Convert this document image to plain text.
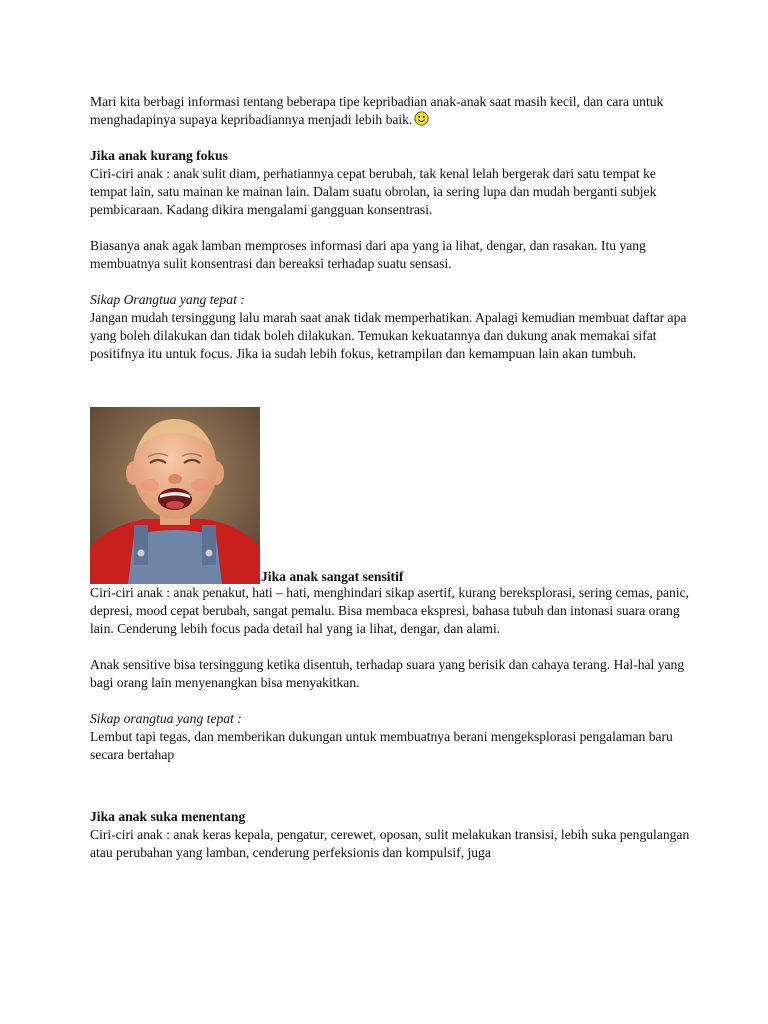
Mari kita berbagi informasi tentang beberapa tipe kepribadian anak-anak saat masih kecil, dan cara untuk menghadapinya supaya kepribadiannya menjadi lebih baik.

Jika anak kurang fokus

Ciri-ciri anak : anak sulit diam, perhatiannya cepat berubah, tak kenal lelah bergerak dari satu tempat ke tempat lain, satu mainan ke mainan lain. Dalam suatu obrolan, ia sering lupa dan mudah berganti subjek pembicaraan. Kadang dikira mengalami gangguan konsentrasi.

Biasanya anak agak lamban memproses informasi dari apa yang ia lihat, dengar, dan rasakan. Itu yang membuatnya sulit konsentrasi dan bereaksi terhadap suatu sensasi.

Sikap Orangtua yang tepat :

Jangan mudah tersinggung lalu marah saat anak tidak memperhatikan. Apalagi kemudian membuat daftar apa yang boleh dilakukan dan tidak boleh dilakukan. Temukan kekuatannya dan dukung anak memakai sifat positifnya itu untuk focus. Jika ia sudah lebih fokus, ketrampilan dan kemampuan lain akan tumbuh.

Jika anak sangat sensitif

Ciri-ciri anak : anak penakut, hati – hati, menghindari sikap asertif, kurang bereksplorasi, sering cemas, panic, depresi, mood cepat berubah, sangat pemalu. Bisa membaca ekspresi, bahasa tubuh dan intonasi suara orang lain. Cenderung lebih focus pada detail hal yang ia lihat, dengar, dan alami.

Anak sensitive bisa tersinggung ketika disentuh, terhadap suara yang berisik dan cahaya terang. Hal-hal yang bagi orang lain menyenangkan bisa menyakitkan.

Sikap orangtua yang tepat :

Lembut tapi tegas, dan memberikan dukungan untuk membuatnya berani mengeksplorasi pengalaman baru secara bertahap

Jika anak suka menentang

Ciri-ciri anak : anak keras kepala, pengatur, cerewet, oposan, sulit melakukan transisi, lebih suka pengulangan atau perubahan yang lamban, cenderung perfeksionis dan kompulsif, juga
